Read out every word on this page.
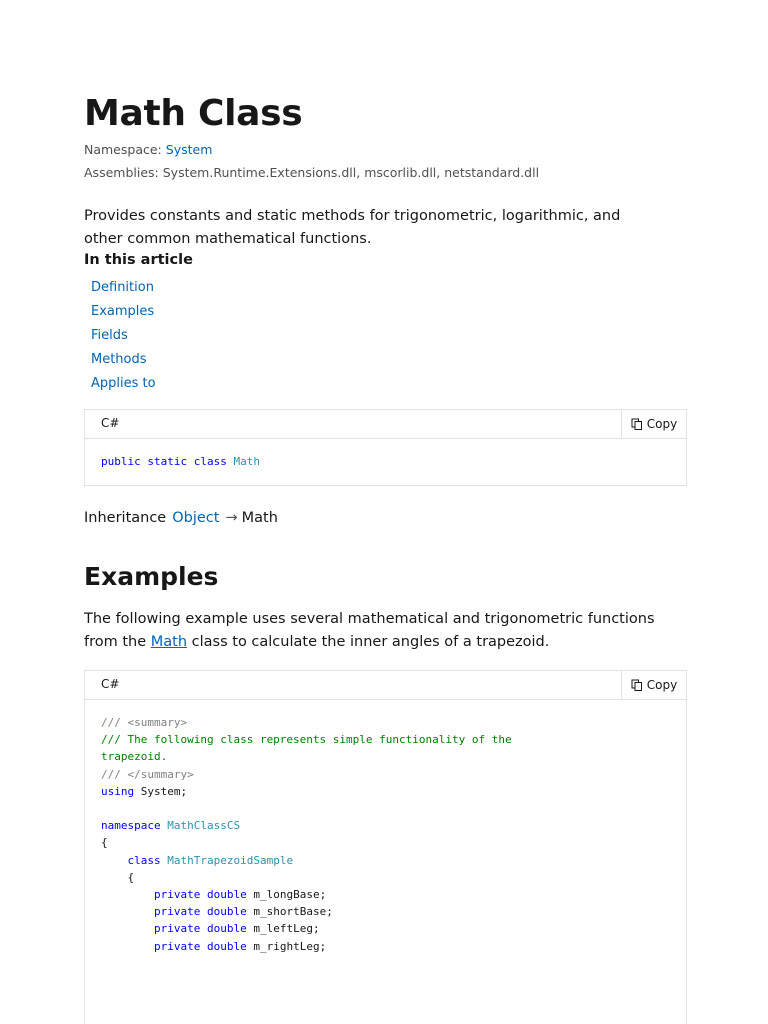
Math Class
Namespace: System
Assemblies: System.Runtime.Extensions.dll, mscorlib.dll, netstandard.dll

Provides constants and static methods for trigonometric, logarithmic, and other common mathematical functions.

In this article
Definition
Examples
Fields
Methods
Applies to
C#	Copy
public static class Math
Inheritance Object → Math
Examples

The following example uses several mathematical and trigonometric functions from the Math class to calculate the inner angles of a trapezoid.

C#	Copy
/// <summary>
/// The following class represents simple functionality of the
trapezoid.
/// </summary>
using System;

namespace MathClassCS
{
class MathTrapezoidSample
{
private double m_longBase;
private double m_shortBase;
private double m_leftLeg;
private double m_rightLeg;
